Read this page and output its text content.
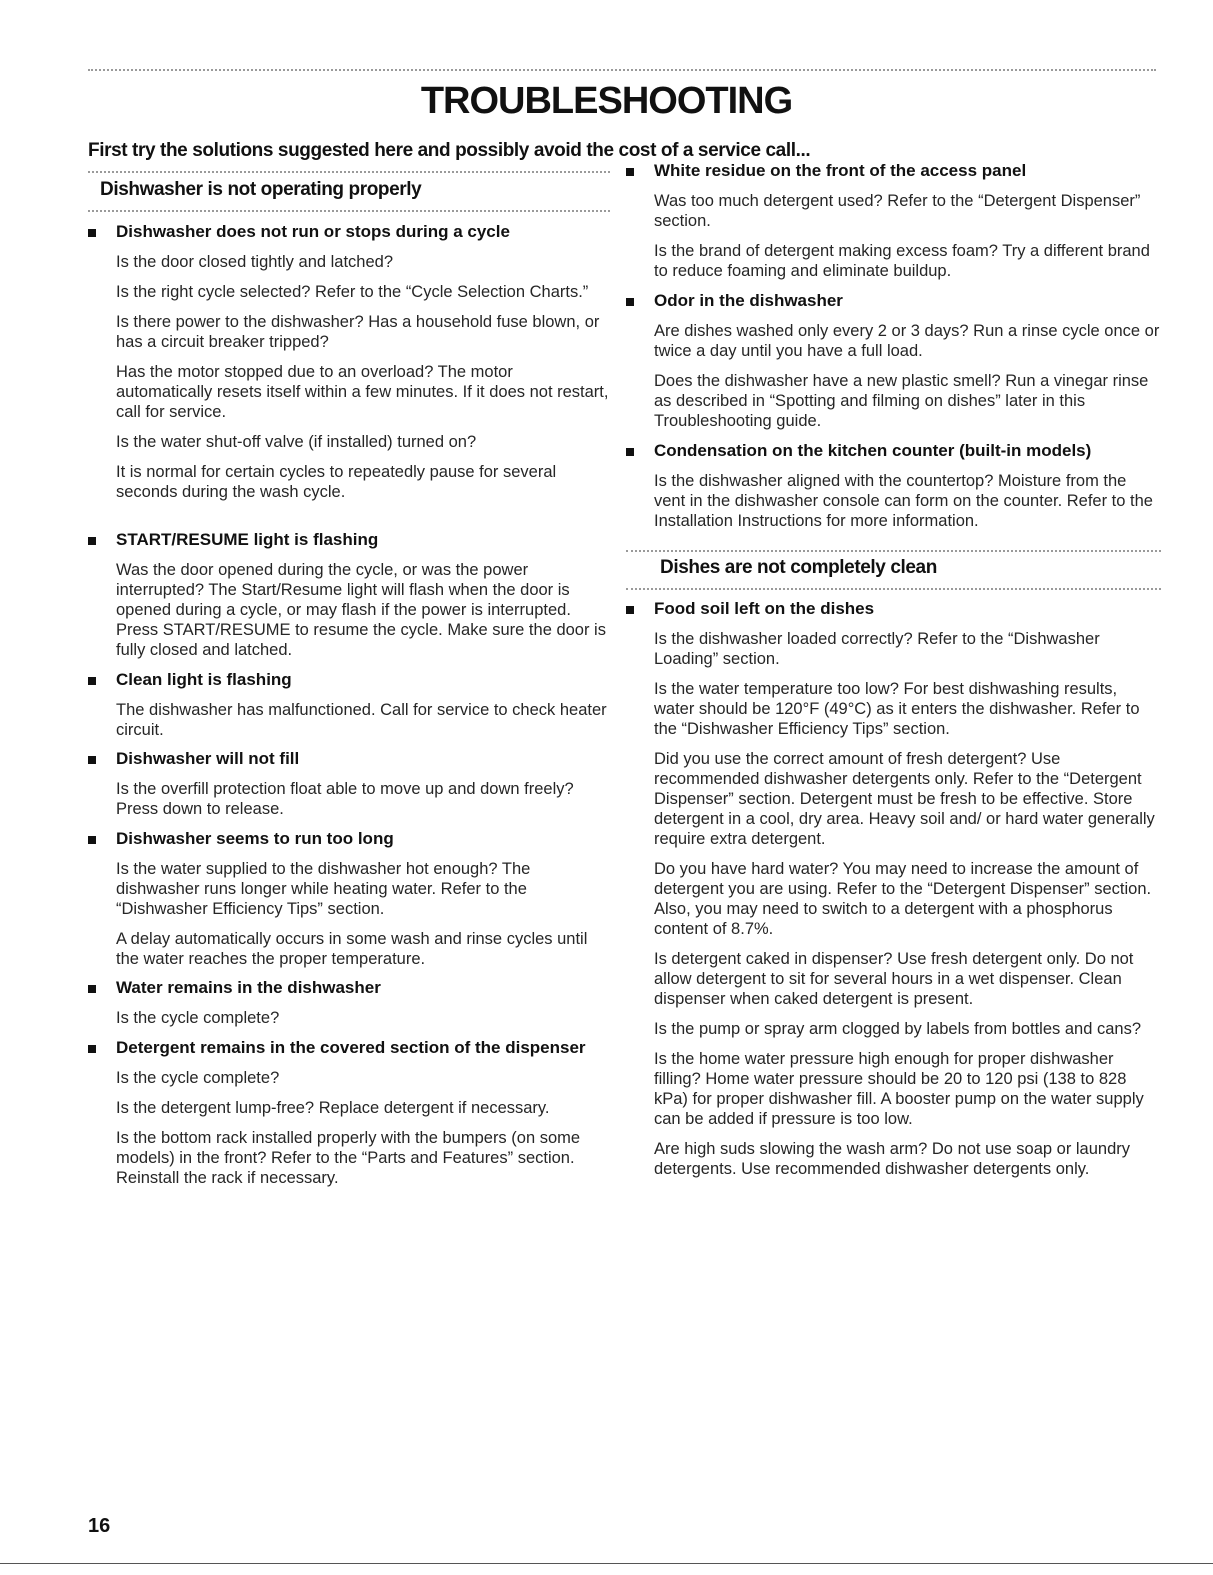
TROUBLESHOOTING

First try the solutions suggested here and possibly avoid the cost of a service call...

Dishwasher is not operating properly
Dishwasher does not run or stops during a cycle

Is the door closed tightly and latched?

Is the right cycle selected? Refer to the “Cycle Selection Charts.”

Is there power to the dishwasher? Has a household fuse blown, or has a circuit breaker tripped?

Has the motor stopped due to an overload? The motor automatically resets itself within a few minutes. If it does not restart, call for service.

Is the water shut-off valve (if installed) turned on?

It is normal for certain cycles to repeatedly pause for several seconds during the wash cycle.

START/RESUME light is flashing

Was the door opened during the cycle, or was the power interrupted? The Start/Resume light will flash when the door is opened during a cycle, or may flash if the power is interrupted. Press START/RESUME to resume the cycle. Make sure the door is fully closed and latched.

Clean light is flashing

The dishwasher has malfunctioned. Call for service to check heater circuit.

Dishwasher will not fill

Is the overfill protection float able to move up and down freely? Press down to release.

Dishwasher seems to run too long

Is the water supplied to the dishwasher hot enough? The dishwasher runs longer while heating water. Refer to the “Dishwasher Efficiency Tips” section.

A delay automatically occurs in some wash and rinse cycles until the water reaches the proper temperature.

Water remains in the dishwasher

Is the cycle complete?

Detergent remains in the covered section of the dispenser

Is the cycle complete?

Is the detergent lump-free? Replace detergent if necessary.

Is the bottom rack installed properly with the bumpers (on some models) in the front? Refer to the “Parts and Features” section. Reinstall the rack if necessary.

White residue on the front of the access panel

Was too much detergent used? Refer to the “Detergent Dispenser” section.

Is the brand of detergent making excess foam? Try a different brand to reduce foaming and eliminate buildup.

Odor in the dishwasher

Are dishes washed only every 2 or 3 days? Run a rinse cycle once or twice a day until you have a full load.

Does the dishwasher have a new plastic smell? Run a vinegar rinse as described in “Spotting and filming on dishes” later in this Troubleshooting guide.

Condensation on the kitchen counter (built-in models)

Is the dishwasher aligned with the countertop? Moisture from the vent in the dishwasher console can form on the counter. Refer to the Installation Instructions for more information.

Dishes are not completely clean
Food soil left on the dishes

Is the dishwasher loaded correctly? Refer to the “Dishwasher Loading” section.

Is the water temperature too low? For best dishwashing results, water should be 120°F (49°C) as it enters the dishwasher. Refer to the “Dishwasher Efficiency Tips” section.

Did you use the correct amount of fresh detergent? Use recommended dishwasher detergents only. Refer to the “Detergent Dispenser” section. Detergent must be fresh to be effective. Store detergent in a cool, dry area. Heavy soil and/ or hard water generally require extra detergent.

Do you have hard water? You may need to increase the amount of detergent you are using. Refer to the “Detergent Dispenser” section. Also, you may need to switch to a detergent with a phosphorus content of 8.7%.

Is detergent caked in dispenser? Use fresh detergent only. Do not allow detergent to sit for several hours in a wet dispenser. Clean dispenser when caked detergent is present.

Is the pump or spray arm clogged by labels from bottles and cans?

Is the home water pressure high enough for proper dishwasher filling? Home water pressure should be 20 to 120 psi (138 to 828 kPa) for proper dishwasher fill. A booster pump on the water supply can be added if pressure is too low.

Are high suds slowing the wash arm? Do not use soap or laundry detergents. Use recommended dishwasher detergents only.

16
